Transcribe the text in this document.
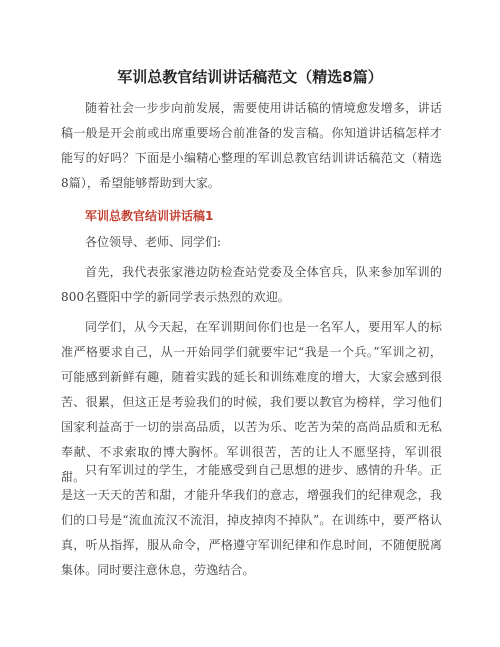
军训总教官结训讲话稿范文（精选8篇）

随着社会一步步向前发展，需要使用讲话稿的情境愈发增多，讲话稿一般是开会前或出席重要场合前准备的发言稿。你知道讲话稿怎样才能写的好吗？下面是小编精心整理的军训总教官结训讲话稿范文（精选8篇），希望能够帮助到大家。

军训总教官结训讲话稿1

各位领导、老师、同学们:

首先，我代表张家港边防检查站党委及全体官兵，队来参加军训的800名暨阳中学的新同学表示热烈的欢迎。

同学们，从今天起，在军训期间你们也是一名军人，要用军人的标准严格要求自己，从一开始同学们就要牢记“我是一个兵。”军训之初，可能感到新鲜有趣，随着实践的延长和训练难度的增大，大家会感到很苦、很累，但这正是考验我们的时候，我们要以教官为榜样，学习他们国家利益高于一切的崇高品质，以苦为乐、吃苦为荣的高尚品质和无私奉献、不求索取的博大胸怀。军训很苦，苦的让人不愿坚持，军训很甜。 只有军训过的学生，才能感受到自己思想的进步、感情的升华。正是这一天天的苦和甜，才能升华我们的意志，增强我们的纪律观念，我们的口号是“流血流汉不流泪，掉皮掉肉不掉队”。在训练中，要严格认真，听从指挥，服从命令，严格遵守军训纪律和作息时间，不随便脱离集体。同时要注意休息，劳逸结合。
